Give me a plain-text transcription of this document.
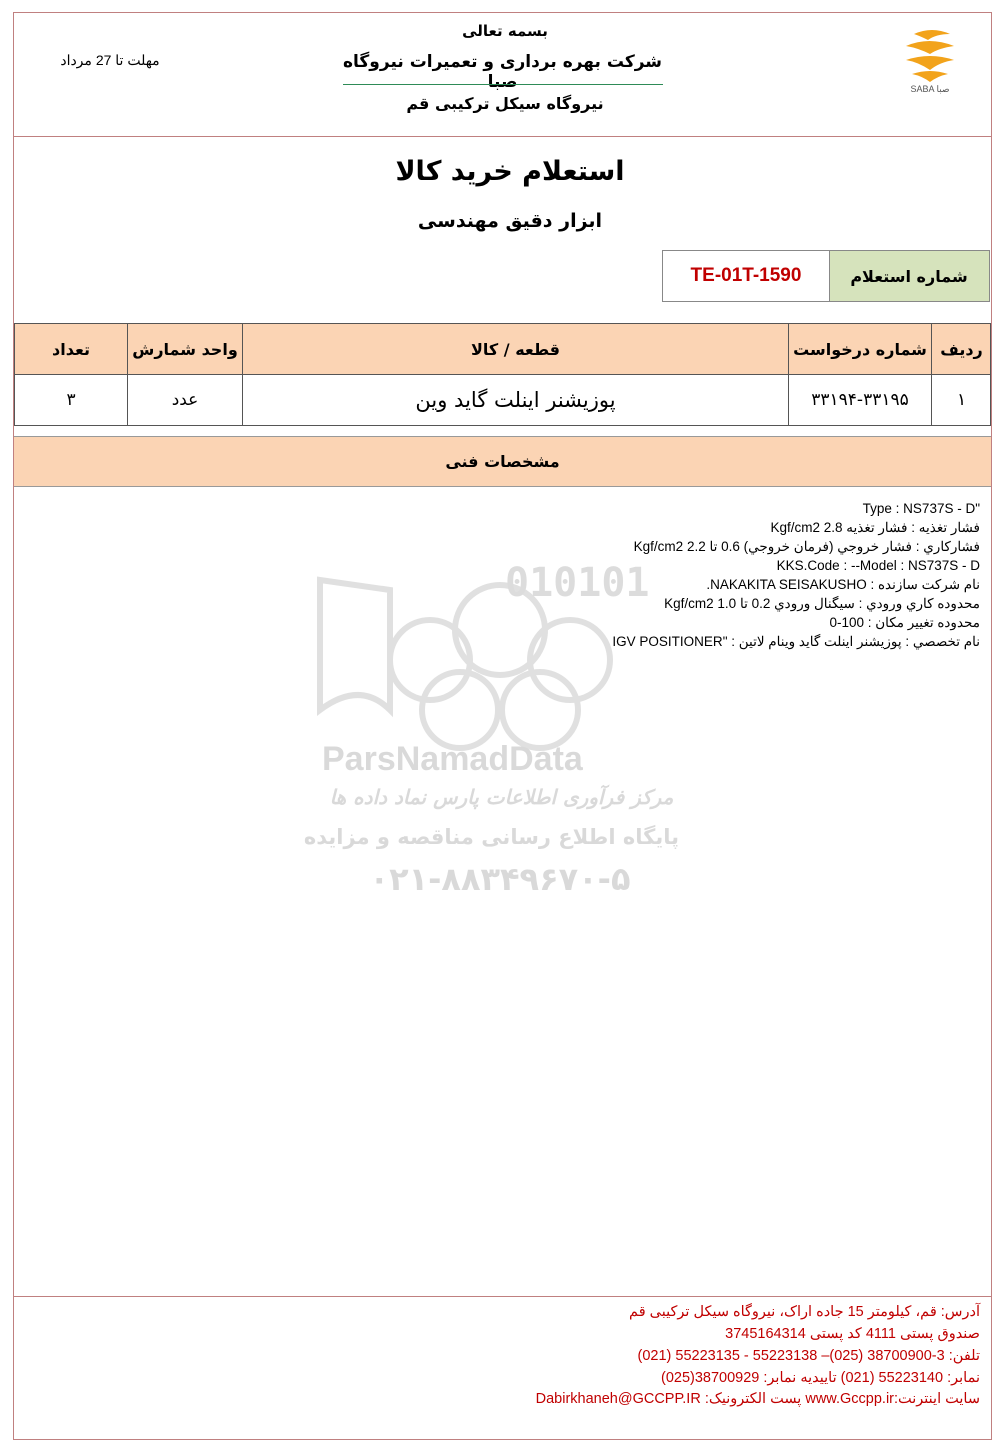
بسمه تعالی
شرکت بهره برداری و تعمیرات نیروگاه صبا
نیروگاه سیکل ترکیبی قم
مهلت تا 27 مرداد
SABA صبا
استعلام خرید کالا
ابزار دقیق مهندسی
شماره استعلام
TE-01T-1590
ردیف
شماره درخواست
قطعه / کالا
واحد شمارش
تعداد
۱
۳۳۱۹۴-۳۳۱۹۵
پوزیشنر اینلت گاید وین
عدد
۳
مشخصات فنی
010101
ParsNamadData
مرکز فرآوری اطلاعات پارس نماد داده ها
پایگاه اطلاع رسانی مناقصه و مزایده
۰۲۱-۸۸۳۴۹۶۷۰-۵
Type : NS737S - D"
فشار تغذيه : فشار تغذيه 2.8 Kgf/cm2
فشاركاري : فشار خروجي (فرمان خروجي) 0.6 تا 2.2 Kgf/cm2
KKS.Code : --Model : NS737S - D
نام شركت سازنده : NAKAKITA SEISAKUSHO.
محدوده كاري ورودي : سيگنال ورودي 0.2 تا 1.0 Kgf/cm2
محدوده تغيير مكان : 100-0
نام تخصصي : پوزيشنر اينلت گايد وينام لاتين : "IGV POSITIONER
آدرس: قم، کیلومتر 15 جاده اراک، نیروگاه سیکل ترکیبی قم
صندوق پستی 4111 کد پستی 3745164314
تلفن: 3-38700900 (025)– 55223138 - 55223135 (021)
نمابر: 55223140 (021) تاییدیه نمابر: 38700929(025)
سایت اینترنت:www.Gccpp.ir پست الکترونیک: Dabirkhaneh@GCCPP.IR
